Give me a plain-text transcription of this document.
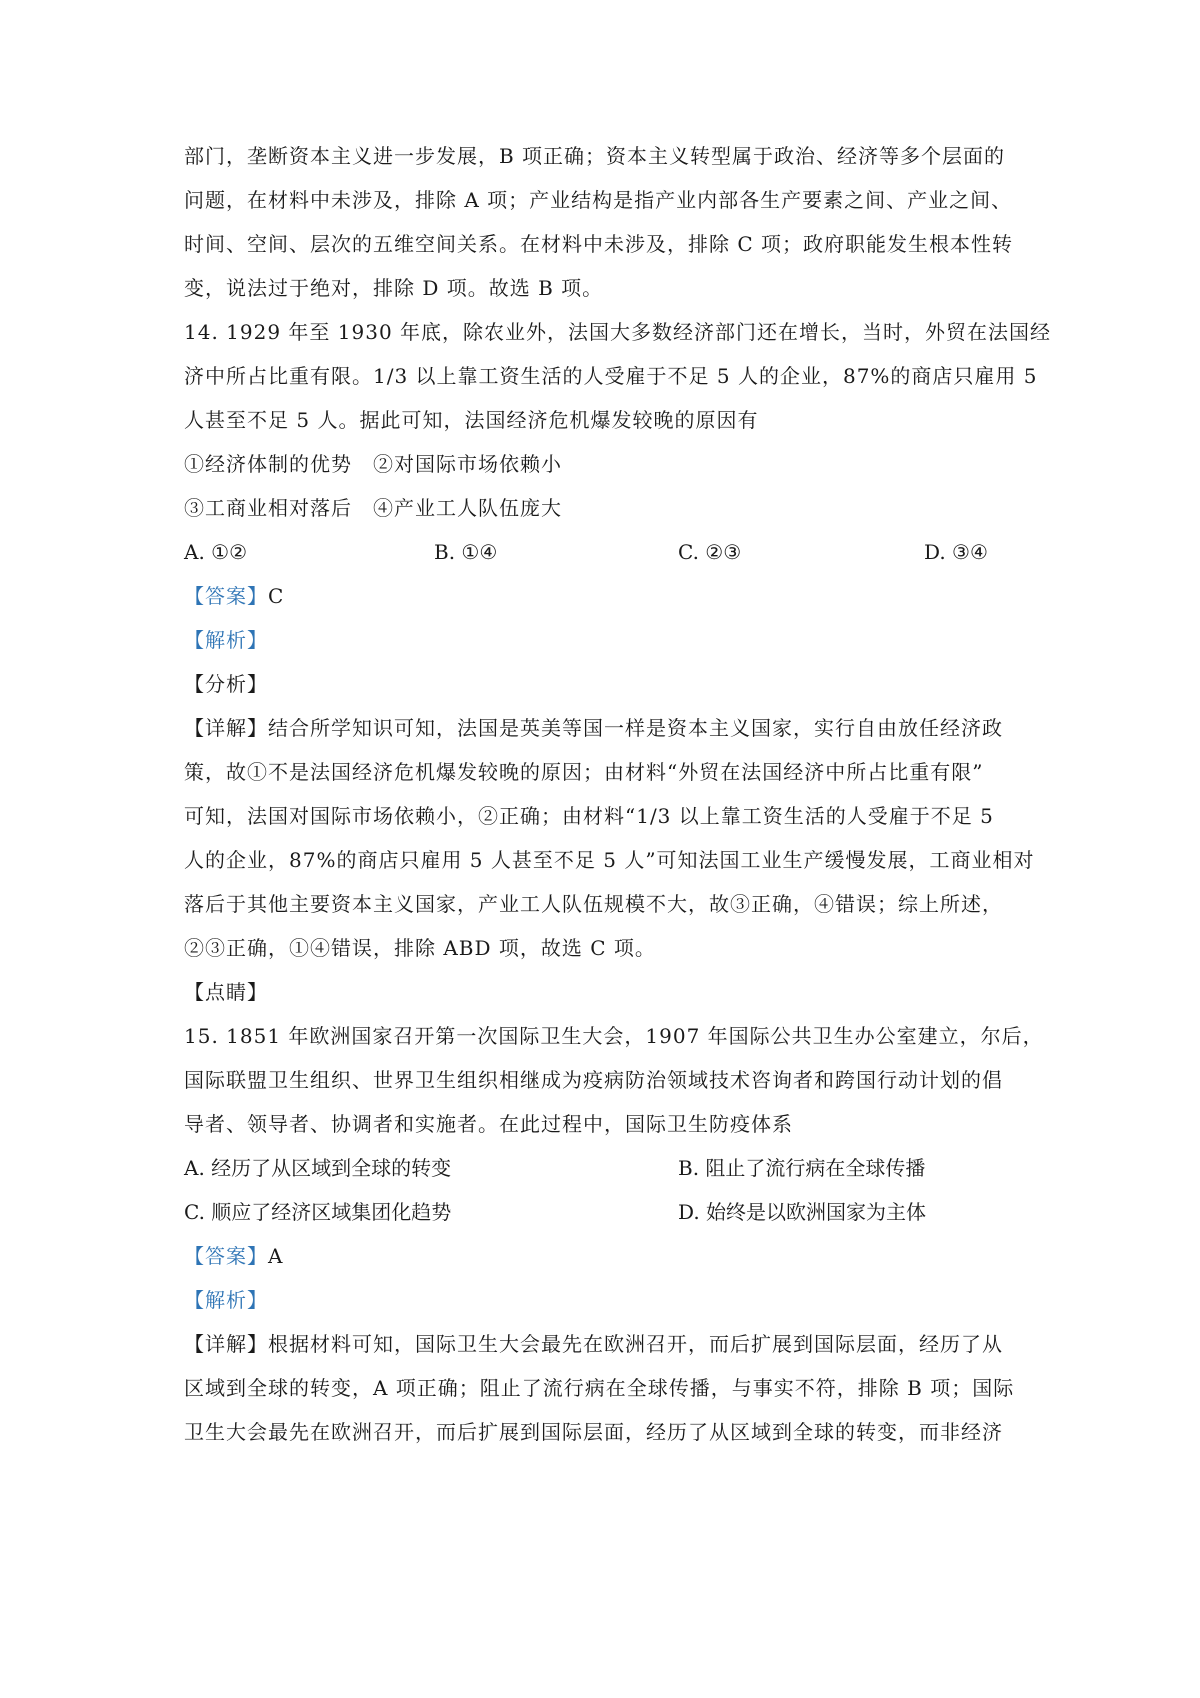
部门，垄断资本主义进一步发展，B 项正确；资本主义转型属于政治、经济等多个层面的
问题，在材料中未涉及，排除 A 项；产业结构是指产业内部各生产要素之间、产业之间、
时间、空间、层次的五维空间关系。在材料中未涉及，排除 C 项；政府职能发生根本性转
变，说法过于绝对，排除 D 项。故选 B 项。
14. 1929 年至 1930 年底，除农业外，法国大多数经济部门还在增长，当时，外贸在法国经
济中所占比重有限。1/3 以上靠工资生活的人受雇于不足 5 人的企业，87%的商店只雇用 5
人甚至不足 5 人。据此可知，法国经济危机爆发较晚的原因有
①经济体制的优势　②对国际市场依赖小
③工商业相对落后　④产业工人队伍庞大
A. ①②	B. ①④	C. ②③	D. ③④
【答案】C
【解析】
【分析】
【详解】结合所学知识可知，法国是英美等国一样是资本主义国家，实行自由放任经济政
策，故①不是法国经济危机爆发较晚的原因；由材料“外贸在法国经济中所占比重有限”
可知，法国对国际市场依赖小，②正确；由材料“1/3 以上靠工资生活的人受雇于不足 5
人的企业，87%的商店只雇用 5 人甚至不足 5 人”可知法国工业生产缓慢发展，工商业相对
落后于其他主要资本主义国家，产业工人队伍规模不大，故③正确，④错误；综上所述，
②③正确，①④错误，排除 ABD 项，故选 C 项。
【点睛】
15. 1851 年欧洲国家召开第一次国际卫生大会，1907 年国际公共卫生办公室建立，尔后，
国际联盟卫生组织、世界卫生组织相继成为疫病防治领域技术咨询者和跨国行动计划的倡
导者、领导者、协调者和实施者。在此过程中，国际卫生防疫体系
A. 经历了从区域到全球的转变	B. 阻止了流行病在全球传播
C. 顺应了经济区域集团化趋势	D. 始终是以欧洲国家为主体
【答案】A
【解析】
【详解】根据材料可知，国际卫生大会最先在欧洲召开，而后扩展到国际层面，经历了从
区域到全球的转变，A 项正确；阻止了流行病在全球传播，与事实不符，排除 B 项；国际
卫生大会最先在欧洲召开，而后扩展到国际层面，经历了从区域到全球的转变，而非经济
